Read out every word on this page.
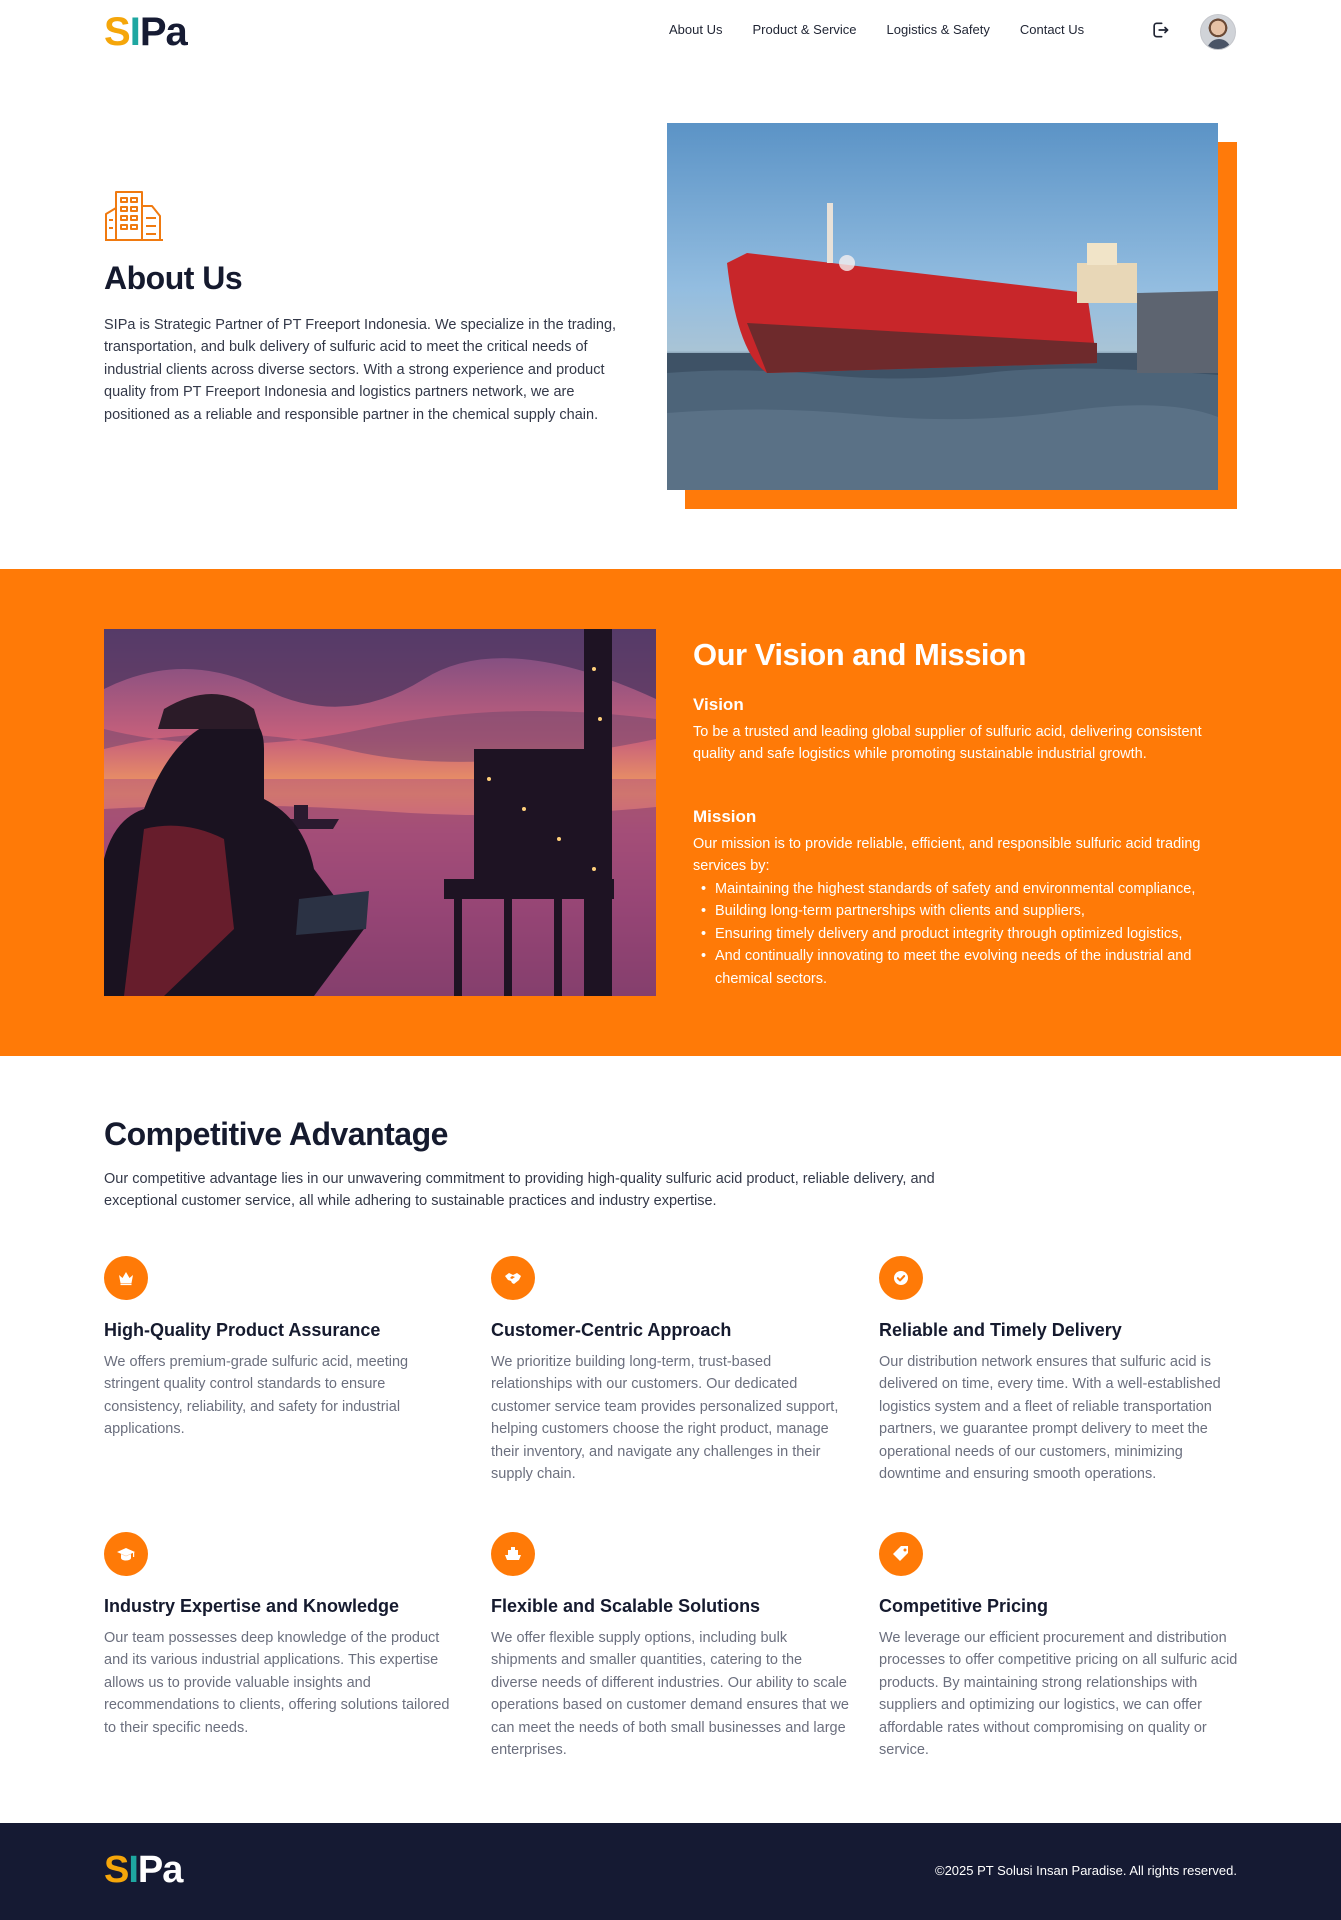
S I Pa	About Us Product & Service Logistics & Safety Contact Us
About Us

SIPa is Strategic Partner of PT Freeport Indonesia. We specialize in the trading, transportation, and bulk delivery of sulfuric acid to meet the critical needs of industrial clients across diverse sectors. With a strong experience and product quality from PT Freeport Indonesia and logistics partners network, we are positioned as a reliable and responsible partner in the chemical supply chain.

Our Vision and Mission
Vision

To be a trusted and leading global supplier of sulfuric acid, delivering consistent quality and safe logistics while promoting sustainable industrial growth.

Mission

Our mission is to provide reliable, efficient, and responsible sulfuric acid trading services by:

• Maintaining the highest standards of safety and environmental compliance,
• Building long-term partnerships with clients and suppliers,
• Ensuring timely delivery and product integrity through optimized logistics,
• And continually innovating to meet the evolving needs of the industrial and chemical sectors.
Competitive Advantage

Our competitive advantage lies in our unwavering commitment to providing high-quality sulfuric acid product, reliable delivery, and exceptional customer service, all while adhering to sustainable practices and industry expertise.

High-Quality Product Assurance

We offers premium-grade sulfuric acid, meeting stringent quality control standards to ensure consistency, reliability, and safety for industrial applications.

Customer-Centric Approach

We prioritize building long-term, trust-based relationships with our customers. Our dedicated customer service team provides personalized support, helping customers choose the right product, manage their inventory, and navigate any challenges in their supply chain.

Reliable and Timely Delivery

Our distribution network ensures that sulfuric acid is delivered on time, every time. With a well-established logistics system and a fleet of reliable transportation partners, we guarantee prompt delivery to meet the operational needs of our customers, minimizing downtime and ensuring smooth operations.

Industry Expertise and Knowledge

Our team possesses deep knowledge of the product and its various industrial applications. This expertise allows us to provide valuable insights and recommendations to clients, offering solutions tailored to their specific needs.

Flexible and Scalable Solutions

We offer flexible supply options, including bulk shipments and smaller quantities, catering to the diverse needs of different industries. Our ability to scale operations based on customer demand ensures that we can meet the needs of both small businesses and large enterprises.

Competitive Pricing

We leverage our efficient procurement and distribution processes to offer competitive pricing on all sulfuric acid products. By maintaining strong relationships with suppliers and optimizing our logistics, we can offer affordable rates without compromising on quality or service.

S I Pa	©2025 PT Solusi Insan Paradise. All rights reserved.
